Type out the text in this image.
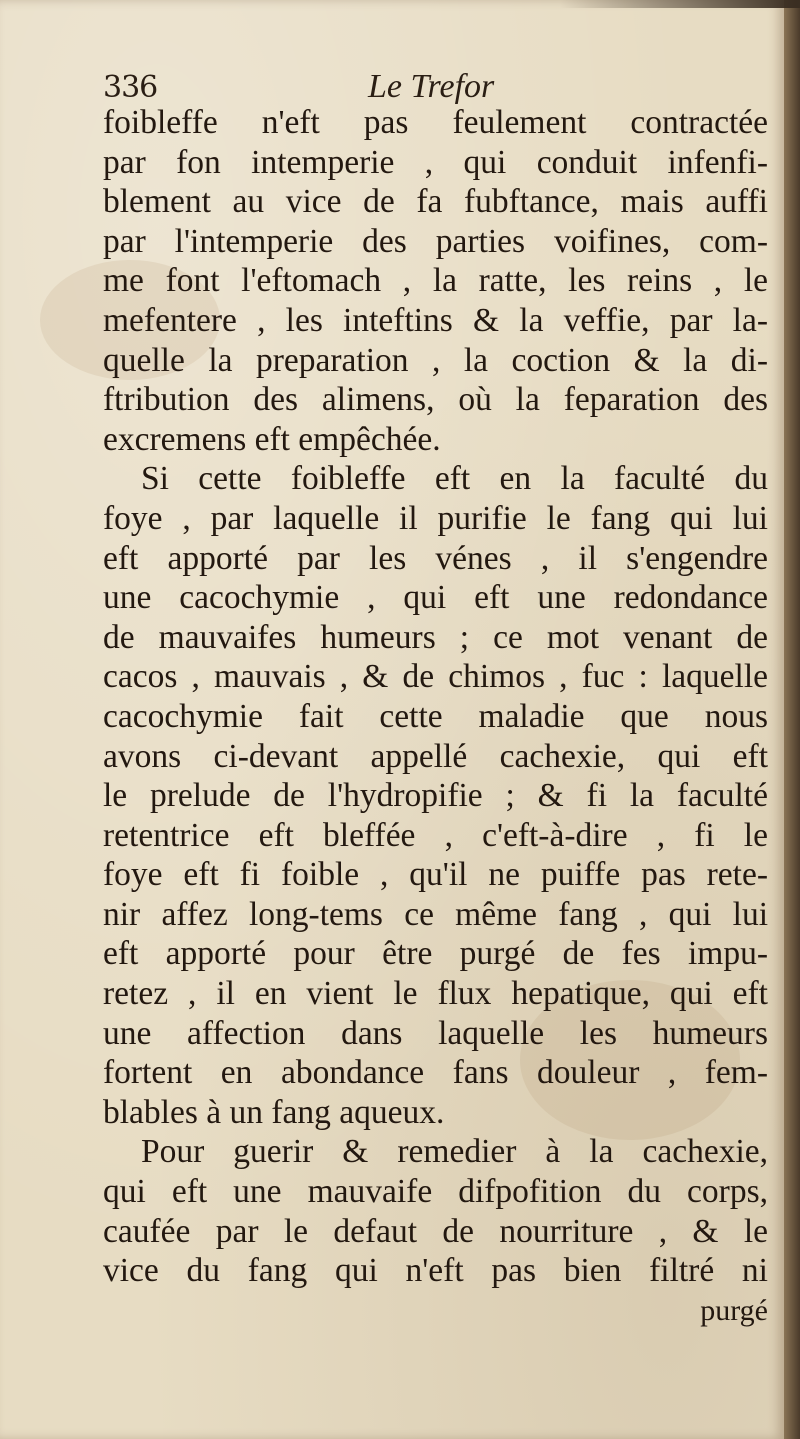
336	Le Trefor
foibleffe n'eft pas feulement contractée
par fon intemperie , qui conduit infenfi-
blement au vice de fa fubftance, mais auffi
par l'intemperie des parties voifines, com-
me font l'eftomach , la ratte, les reins , le
mefentere , les inteftins & la veffie, par la-
quelle la preparation , la coction & la di-
ftribution des alimens, où la feparation des
excremens eft empêchée.
Si cette foibleffe eft en la faculté du
foye , par laquelle il purifie le fang qui lui
eft apporté par les vénes , il s'engendre
une cacochymie , qui eft une redondance
de mauvaifes humeurs ; ce mot venant de
cacos , mauvais , & de chimos , fuc : laquelle
cacochymie fait cette maladie que nous
avons ci-devant appellé cachexie, qui eft
le prelude de l'hydropifie ; & fi la faculté
retentrice eft bleffée , c'eft-à-dire , fi le
foye eft fi foible , qu'il ne puiffe pas rete-
nir affez long-tems ce même fang , qui lui
eft apporté pour être purgé de fes impu-
retez , il en vient le flux hepatique, qui eft
une affection dans laquelle les humeurs
fortent en abondance fans douleur , fem-
blables à un fang aqueux.
Pour guerir & remedier à la cachexie,
qui eft une mauvaife difpofition du corps,
caufée par le defaut de nourriture , & le
vice du fang qui n'eft pas bien filtré ni
purgé
